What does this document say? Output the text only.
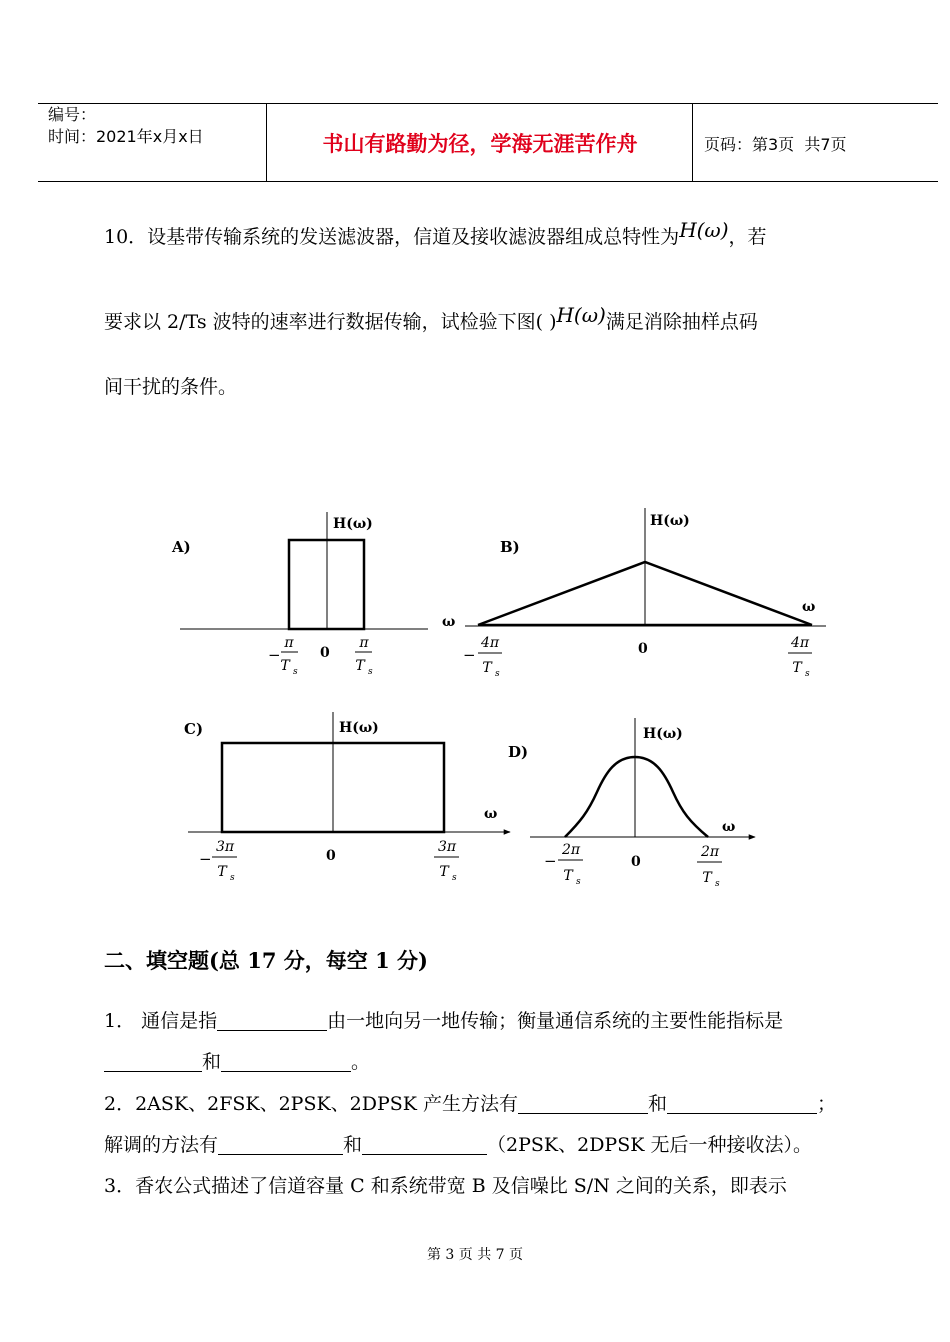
编号：
时间：2021年x月x日	书山有路勤为径，学海无涯苦作舟	页码：第3页  共7页
10．设基带传输系统的发送滤波器，信道及接收滤波器组成总特性为H(ω)，若
要求以 2/Ts 波特的速率进行数据传输，试检验下图( )H(ω)满足消除抽样点码
间干扰的条件。
A)
H(ω)
ω
0
−
π
T s
π
T s
B)
H(ω)
ω
0
−
4π
T s
4π
T s
C)	H(ω)
ω
0
−
3π
T s
3π
T s
D)
H(ω)
ω
0
−
2π
T s
2π
T s
二、填空题(总 17 分，每空 1 分)
1． 通信是指	由一地向另一地传输；衡量通信系统的主要性能指标是
和	。
2．2ASK、2FSK、2PSK、2DPSK 产生方法有	和	；
解调的方法有	和	（2PSK、2DPSK 无后一种接收法）。
3．香农公式描述了信道容量 C 和系统带宽 B 及信噪比 S/N 之间的关系，即表示
第 3 页 共 7 页
